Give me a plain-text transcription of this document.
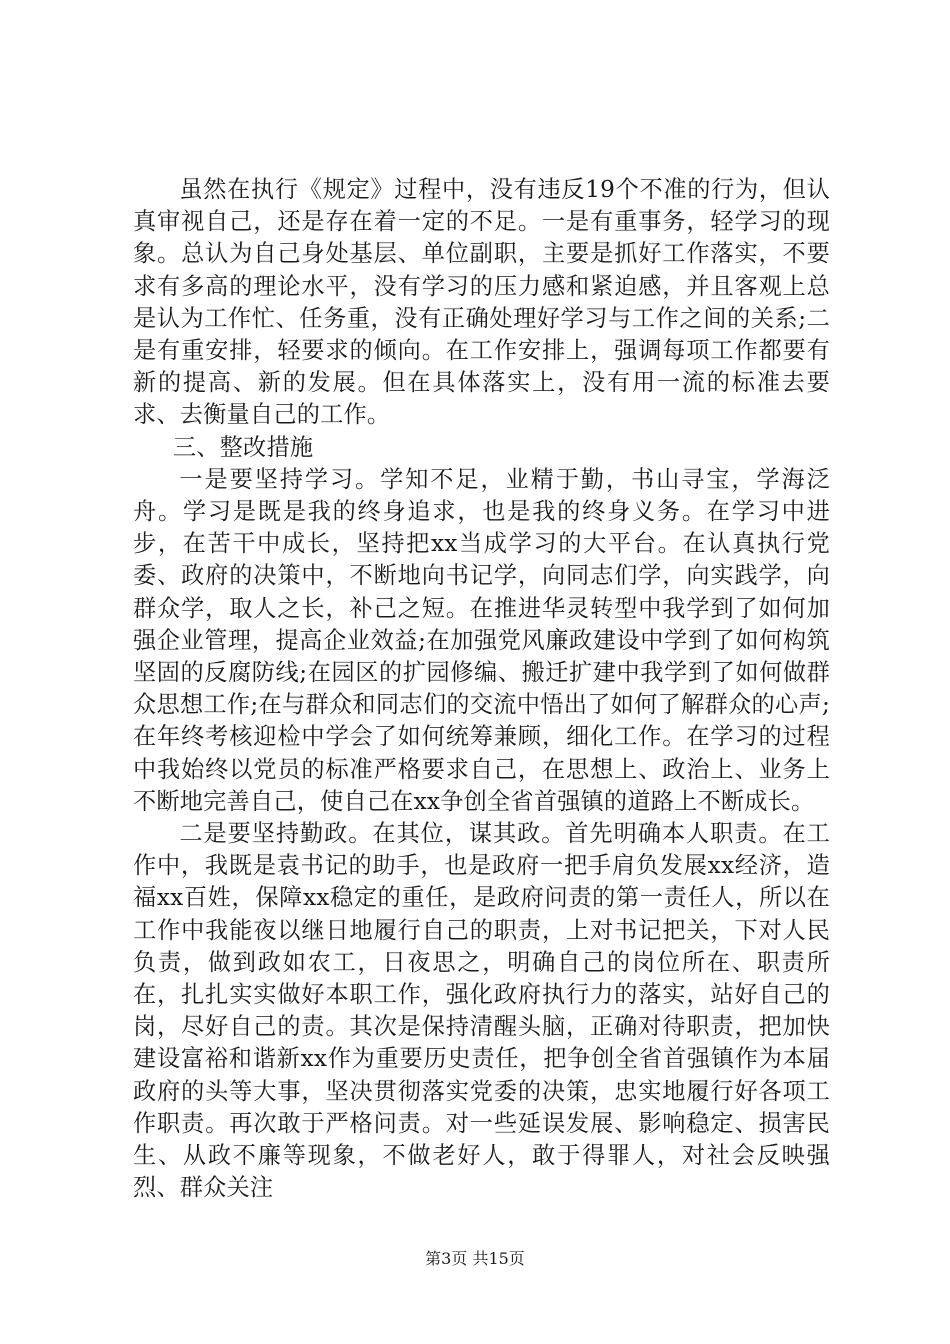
虽然在执行《规定》过程中，没有违反19个不准的行为，但认真审视自己，还是存在着一定的不足。一是有重事务，轻学习的现象。总认为自己身处基层、单位副职，主要是抓好工作落实，不要求有多高的理论水平，没有学习的压力感和紧迫感，并且客观上总是认为工作忙、任务重，没有正确处理好学习与工作之间的关系;二是有重安排，轻要求的倾向。在工作安排上，强调每项工作都要有新的提高、新的发展。但在具体落实上，没有用一流的标准去要求、去衡量自己的工作。

三、整改措施

一是要坚持学习。学知不足，业精于勤，书山寻宝，学海泛舟。学习是既是我的终身追求，也是我的终身义务。在学习中进步，在苦干中成长，坚持把xx当成学习的大平台。在认真执行党委、政府的决策中，不断地向书记学，向同志们学，向实践学，向群众学，取人之长，补己之短。在推进华灵转型中我学到了如何加强企业管理，提高企业效益;在加强党风廉政建设中学到了如何构筑坚固的反腐防线;在园区的扩园修编、搬迁扩建中我学到了如何做群众思想工作;在与群众和同志们的交流中悟出了如何了解群众的心声;在年终考核迎检中学会了如何统筹兼顾，细化工作。在学习的过程中我始终以党员的标准严格要求自己，在思想上、政治上、业务上不断地完善自己，使自己在xx争创全省首强镇的道路上不断成长。

二是要坚持勤政。在其位，谋其政。首先明确本人职责。在工作中，我既是袁书记的助手，也是政府一把手肩负发展xx经济，造福xx百姓，保障xx稳定的重任，是政府问责的第一责任人，所以在工作中我能夜以继日地履行自己的职责，上对书记把关，下对人民负责，做到政如农工，日夜思之，明确自己的岗位所在、职责所在，扎扎实实做好本职工作，强化政府执行力的落实，站好自己的岗，尽好自己的责。其次是保持清醒头脑，正确对待职责，把加快建设富裕和谐新xx作为重要历史责任，把争创全省首强镇作为本届政府的头等大事，坚决贯彻落实党委的决策，忠实地履行好各项工作职责。再次敢于严格问责。对一些延误发展、影响稳定、损害民生、从政不廉等现象，不做老好人，敢于得罪人，对社会反映强烈、群众关注

第3页 共15页
